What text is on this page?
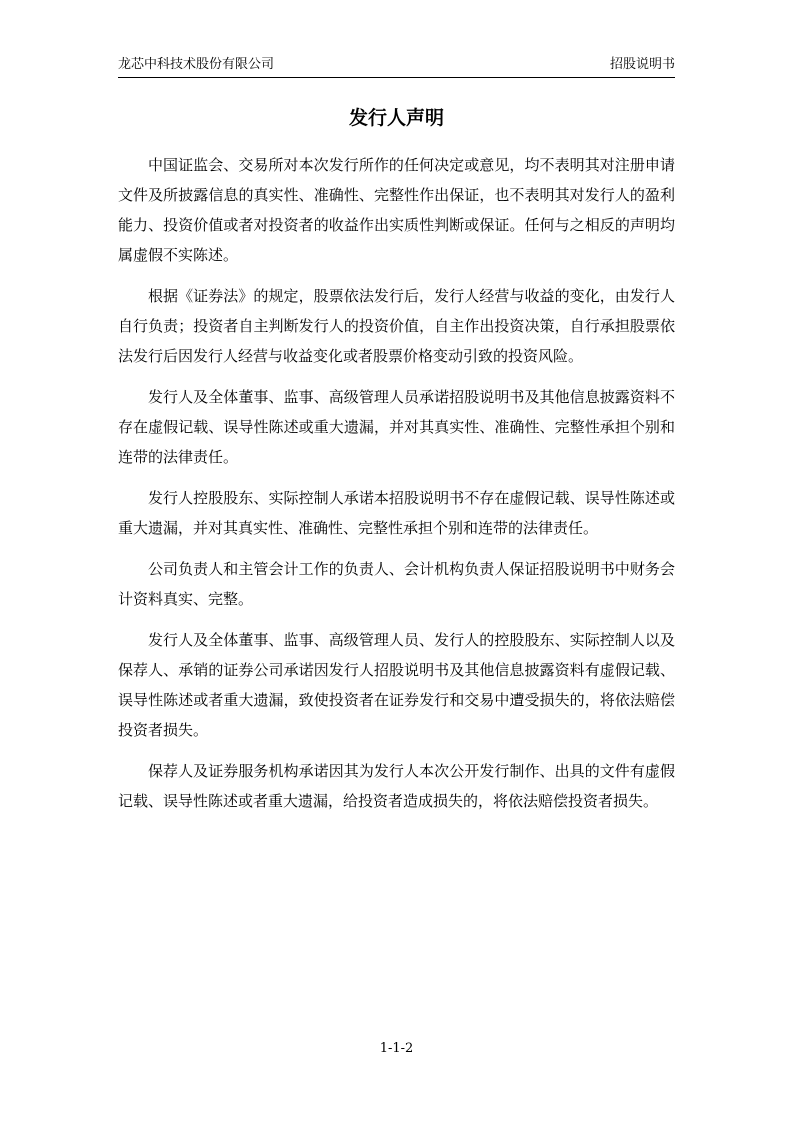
龙芯中科技术股份有限公司	招股说明书
发行人声明

中国证监会、交易所对本次发行所作的任何决定或意见，均不表明其对注册申请文件及所披露信息的真实性、准确性、完整性作出保证，也不表明其对发行人的盈利能力、投资价值或者对投资者的收益作出实质性判断或保证。任何与之相反的声明均属虚假不实陈述。

根据《证券法》的规定，股票依法发行后，发行人经营与收益的变化，由发行人自行负责；投资者自主判断发行人的投资价值，自主作出投资决策，自行承担股票依法发行后因发行人经营与收益变化或者股票价格变动引致的投资风险。

发行人及全体董事、监事、高级管理人员承诺招股说明书及其他信息披露资料不存在虚假记载、误导性陈述或重大遗漏，并对其真实性、准确性、完整性承担个别和连带的法律责任。

发行人控股股东、实际控制人承诺本招股说明书不存在虚假记载、误导性陈述或重大遗漏，并对其真实性、准确性、完整性承担个别和连带的法律责任。

公司负责人和主管会计工作的负责人、会计机构负责人保证招股说明书中财务会计资料真实、完整。

发行人及全体董事、监事、高级管理人员、发行人的控股股东、实际控制人以及保荐人、承销的证券公司承诺因发行人招股说明书及其他信息披露资料有虚假记载、误导性陈述或者重大遗漏，致使投资者在证券发行和交易中遭受损失的，将依法赔偿投资者损失。

保荐人及证券服务机构承诺因其为发行人本次公开发行制作、出具的文件有虚假记载、误导性陈述或者重大遗漏，给投资者造成损失的，将依法赔偿投资者损失。

1-1-2
